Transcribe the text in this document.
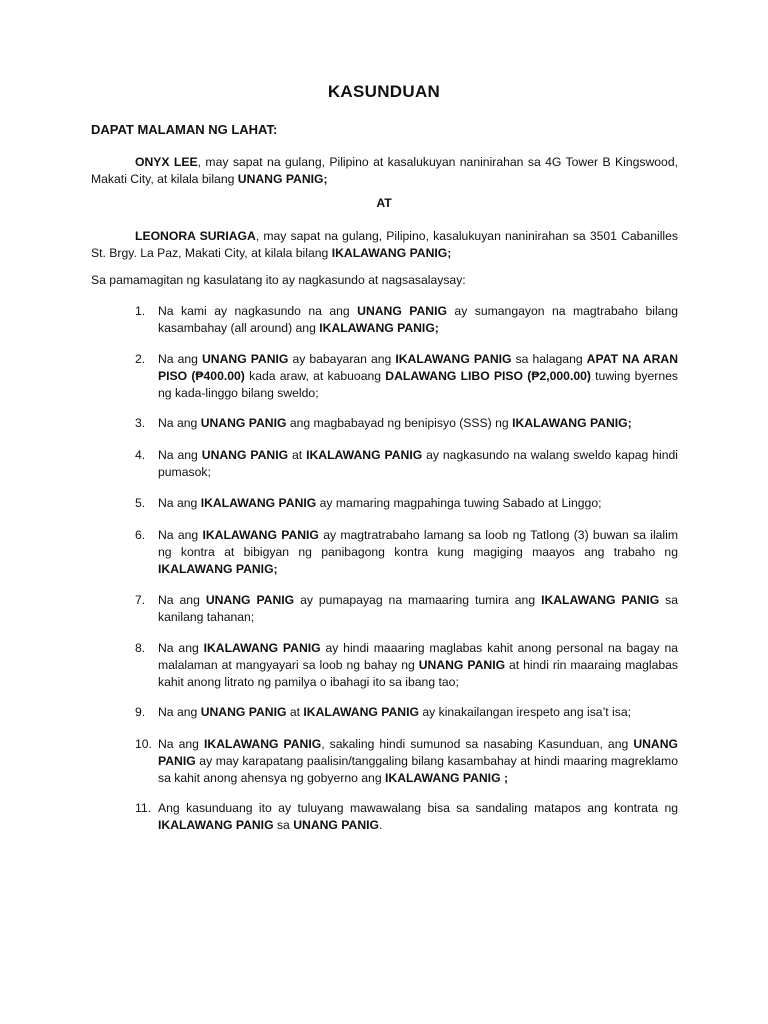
KASUNDUAN
DAPAT MALAMAN NG LAHAT:
ONYX LEE, may sapat na gulang, Pilipino at kasalukuyan naninirahan sa 4G Tower B Kingswood, Makati City, at kilala bilang UNANG PANIG;
AT
LEONORA SURIAGA, may sapat na gulang, Pilipino, kasalukuyan naninirahan sa 3501 Cabanilles St. Brgy. La Paz, Makati City, at kilala bilang IKALAWANG PANIG;
Sa pamamagitan ng kasulatang ito ay nagkasundo at nagsasalaysay:
1.	Na kami ay nagkasundo na ang UNANG PANIG ay sumangayon na magtrabaho bilang kasambahay (all around) ang IKALAWANG PANIG;
2.	Na ang UNANG PANIG ay babayaran ang IKALAWANG PANIG sa halagang APAT NA ARAN PISO (₱400.00) kada araw, at kabuoang DALAWANG LIBO PISO (₱2,000.00) tuwing byernes ng kada-linggo bilang sweldo;
3.	Na ang UNANG PANIG ang magbabayad ng benipisyo (SSS) ng IKALAWANG PANIG;
4.	Na ang UNANG PANIG at IKALAWANG PANIG ay nagkasundo na walang sweldo kapag hindi pumasok;
5.	Na ang IKALAWANG PANIG ay mamaring magpahinga tuwing Sabado at Linggo;
6.	Na ang IKALAWANG PANIG ay magtratrabaho lamang sa loob ng Tatlong (3) buwan sa ilalim ng kontra at bibigyan ng panibagong kontra kung magiging maayos ang trabaho ng IKALAWANG PANIG;
7.	Na ang UNANG PANIG ay pumapayag na mamaaring tumira ang IKALAWANG PANIG sa kanilang tahanan;
8.	Na ang IKALAWANG PANIG ay hindi maaaring maglabas kahit anong personal na bagay na malalaman at mangyayari sa loob ng bahay ng UNANG PANIG at hindi rin maaraing maglabas kahit anong litrato ng pamilya o ibahagi ito sa ibang tao;
9.	Na ang UNANG PANIG at IKALAWANG PANIG ay kinakailangan irespeto ang isa’t isa;
10. Na ang IKALAWANG PANIG, sakaling hindi sumunod sa nasabing Kasunduan, ang UNANG PANIG ay may karapatang paalisin/tanggaling bilang kasambahay at hindi maaring magreklamo sa kahit anong ahensya ng gobyerno ang IKALAWANG PANIG ;
11. Ang kasunduang ito ay tuluyang mawawalang bisa sa sandaling matapos ang kontrata ng IKALAWANG PANIG sa UNANG PANIG.
